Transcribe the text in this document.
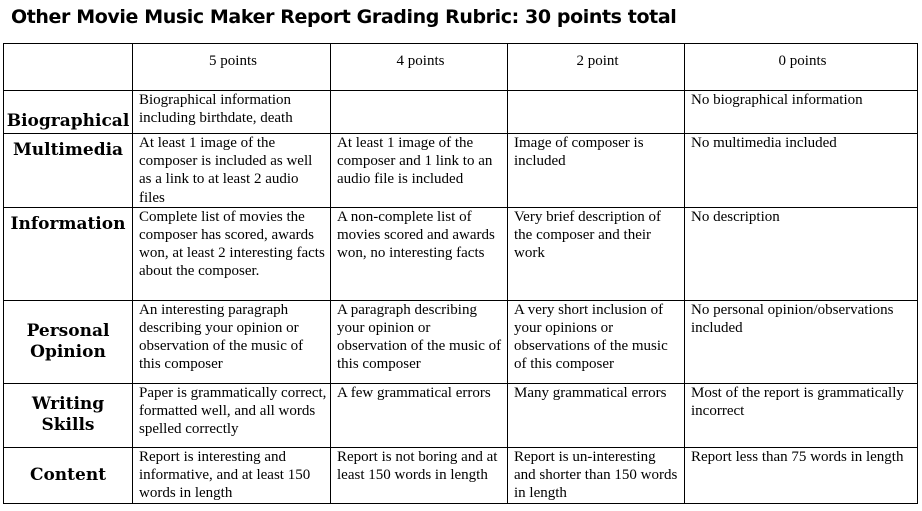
Other Movie Music Maker Report Grading Rubric: 30 points total
	5 points	4 points	2 point	0 points
Biographical	Biographical information including birthdate, death			No biographical information
Multimedia	At least 1 image of the composer is included as well as a link to at least 2 audio files	At least 1 image of the composer and 1 link to an audio file is included	Image of composer is included	No multimedia included
Information	Complete list of movies the composer has scored, awards won, at least 2 interesting facts about the composer.	A non-complete list of movies scored and awards won, no interesting facts	Very brief description of the composer and their work	No description
Personal Opinion	An interesting paragraph describing your opinion or observation of the music of this composer	A paragraph describing your opinion or observation of the music of this composer	A very short inclusion of your opinions or observations of the music of this composer	No personal opinion/observations included
Writing Skills	Paper is grammatically correct, formatted well, and all words spelled correctly	A few grammatical errors	Many grammatical errors	Most of the report is grammatically incorrect
Content	Report is interesting and informative, and at least 150 words in length	Report is not boring and at least 150 words in length	Report is un-interesting and shorter than 150 words in length	Report less than 75 words in length
